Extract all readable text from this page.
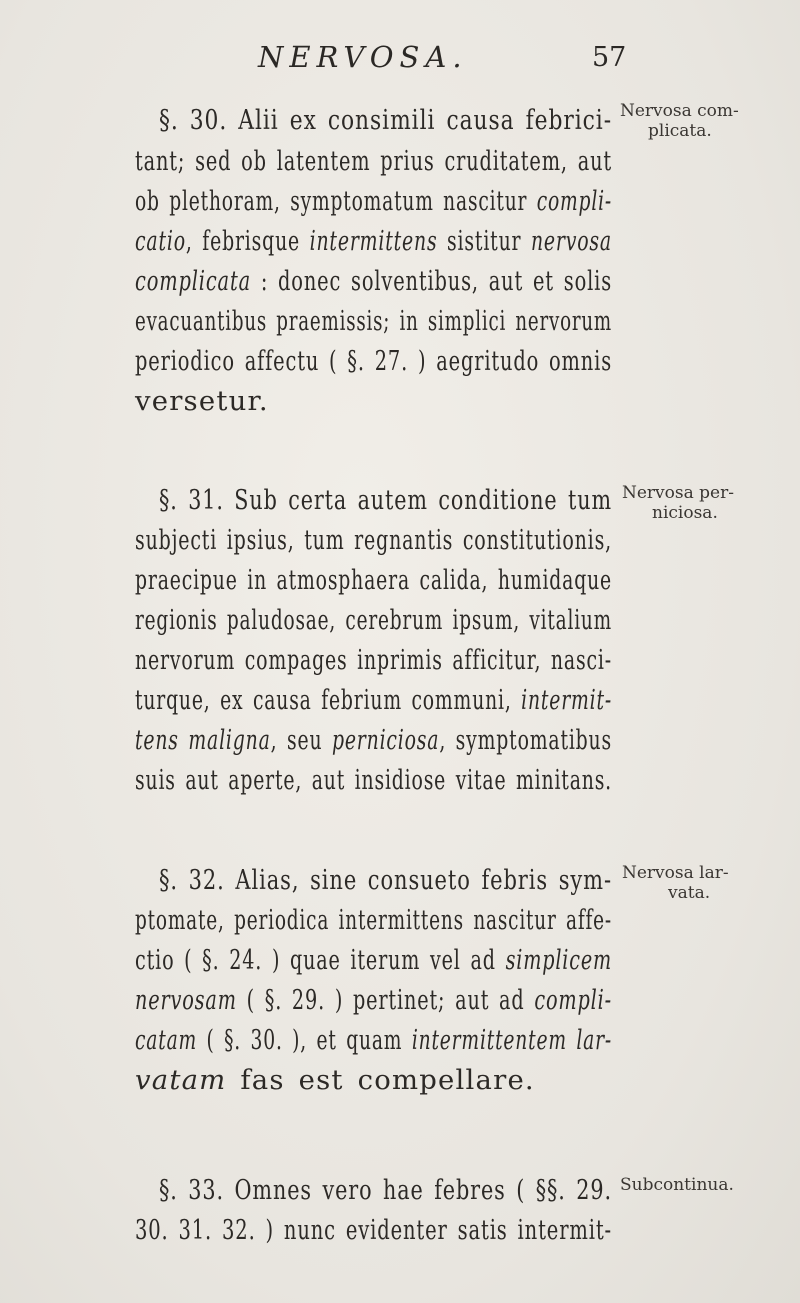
NERVOSA.	57
§. 30. Alii ex consimili causa febrici-
tant; sed ob latentem prius cruditatem, aut
ob plethoram, symptomatum nascitur compli-
catio, febrisque intermittens sistitur nervosa
complicata : donec solventibus, aut et solis
evacuantibus praemissis; in simplici nervorum
periodico affectu ( §. 27. ) aegritudo omnis
versetur.
Nervosa com-
plicata.
§. 31. Sub certa autem conditione tum
subjecti ipsius, tum regnantis constitutionis,
praecipue in atmosphaera calida, humidaque
regionis paludosae, cerebrum ipsum, vitalium
nervorum compages inprimis afficitur, nasci-
turque, ex causa febrium communi, intermit-
tens maligna, seu perniciosa, symptomatibus
suis aut aperte, aut insidiose vitae minitans.
Nervosa per-
niciosa.
§. 32. Alias, sine consueto febris sym-
ptomate, periodica intermittens nascitur affe-
ctio ( §. 24. ) quae iterum vel ad simplicem
nervosam ( §. 29. ) pertinet; aut ad compli-
catam ( §. 30. ), et quam intermittentem lar-
vatam fas est compellare.
Nervosa lar-
vata.
§. 33. Omnes vero hae febres ( §§. 29.
30. 31. 32. ) nunc evidenter satis intermit-
Subcontinua.
